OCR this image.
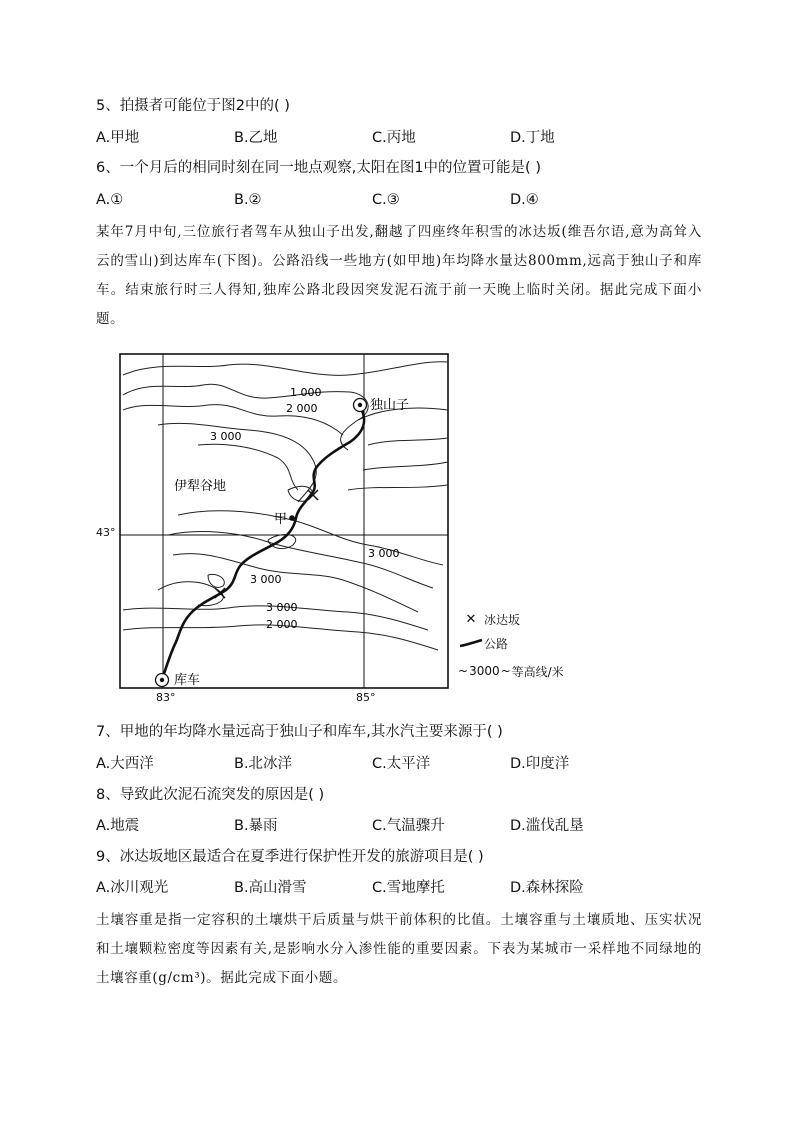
5、拍摄者可能位于图2中的( )
A.甲地	B.乙地	C.丙地	D.丁地
6、一个月后的相同时刻在同一地点观察,太阳在图1中的位置可能是( )
A.①	B.②	C.③	D.④
某年7月中旬,三位旅行者驾车从独山子出发,翻越了四座终年积雪的冰达坂(维吾尔语,意为高耸入云的雪山)到达库车(下图)。公路沿线一些地方(如甲地)年均降水量达800mm,远高于独山子和库车。结束旅行时三人得知,独库公路北段因突发泥石流于前一天晚上临时关闭。据此完成下面小题。
独山子
库车
伊犁谷地
甲
1 000
2 000
3 000
3 000
3 000
3 000
2 000
43°
83°	85°
✕ 冰达坂
公路
~ 3000 ~ 等高线/米
7、甲地的年均降水量远高于独山子和库车,其水汽主要来源于( )
A.大西洋	B.北冰洋	C.太平洋	D.印度洋
8、导致此次泥石流突发的原因是( )
A.地震	B.暴雨	C.气温骤升	D.滥伐乱垦
9、冰达坂地区最适合在夏季进行保护性开发的旅游项目是( )
A.冰川观光	B.高山滑雪	C.雪地摩托	D.森林探险
土壤容重是指一定容积的土壤烘干后质量与烘干前体积的比值。土壤容重与土壤质地、压实状况和土壤颗粒密度等因素有关,是影响水分入渗性能的重要因素。下表为某城市一采样地不同绿地的土壤容重(g/cm³)。据此完成下面小题。
